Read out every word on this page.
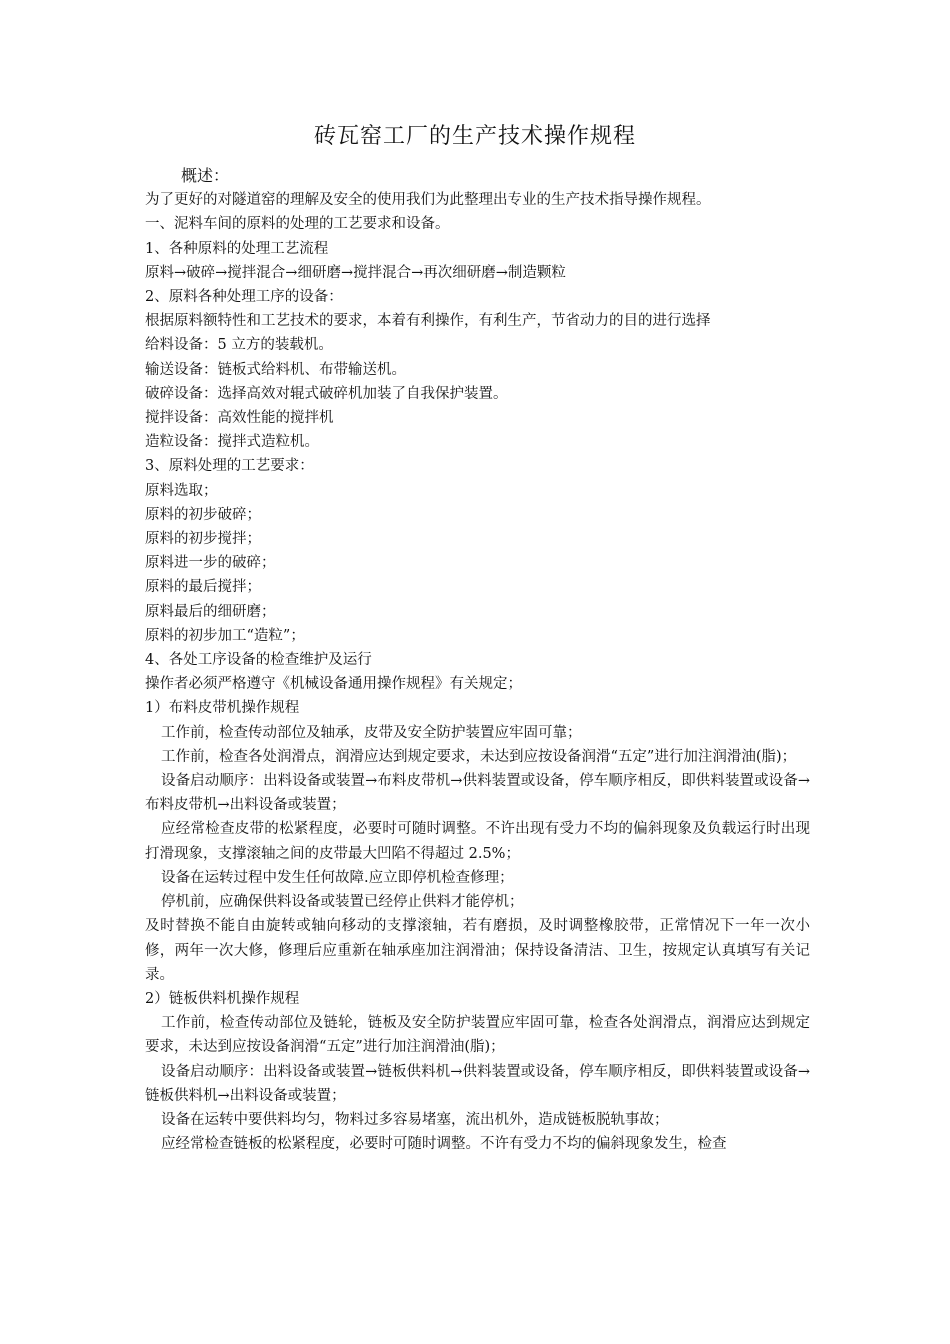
砖瓦窑工厂的生产技术操作规程

概述：

为了更好的对隧道窑的理解及安全的使用我们为此整理出专业的生产技术指导操作规程。

一、泥料车间的原料的处理的工艺要求和设备。

1、各种原料的处理工艺流程

原料→破碎→搅拌混合→细研磨→搅拌混合→再次细研磨→制造颗粒

2、原料各种处理工序的设备：

根据原料额特性和工艺技术的要求，本着有利操作，有利生产，节省动力的目的进行选择

给料设备：5 立方的装载机。

输送设备：链板式给料机、布带输送机。

破碎设备：选择高效对辊式破碎机加装了自我保护装置。

搅拌设备：高效性能的搅拌机

造粒设备：搅拌式造粒机。

3、原料处理的工艺要求：

原料选取；

原料的初步破碎；

原料的初步搅拌；

原料进一步的破碎；

原料的最后搅拌；

原料最后的细研磨；

原料的初步加工“造粒”；

4、各处工序设备的检查维护及运行

操作者必须严格遵守《机械设备通用操作规程》有关规定；

1）布料皮带机操作规程

工作前，检查传动部位及轴承，皮带及安全防护装置应牢固可靠；

工作前，检查各处润滑点，润滑应达到规定要求，未达到应按设备润滑“五定”进行加注润滑油(脂)；

设备启动顺序：出料设备或装置→布料皮带机→供料装置或设备，停车顺序相反，即供料装置或设备→布料皮带机→出料设备或装置；

应经常检查皮带的松紧程度，必要时可随时调整。不许出现有受力不均的偏斜现象及负载运行时出现打滑现象，支撑滚轴之间的皮带最大凹陷不得超过 2.5%；

设备在运转过程中发生任何故障.应立即停机检查修理；

停机前，应确保供料设备或装置已经停止供料才能停机；

及时替换不能自由旋转或轴向移动的支撑滚轴，若有磨损，及时调整橡胶带，正常情况下一年一次小修，两年一次大修，修理后应重新在轴承座加注润滑油；保持设备清洁、卫生，按规定认真填写有关记录。

2）链板供料机操作规程

工作前，检查传动部位及链轮，链板及安全防护装置应牢固可靠，检查各处润滑点，润滑应达到规定要求，未达到应按设备润滑“五定”进行加注润滑油(脂)；

设备启动顺序：出料设备或装置→链板供料机→供料装置或设备，停车顺序相反，即供料装置或设备→链板供料机→出料设备或装置；

设备在运转中要供料均匀，物料过多容易堵塞，流出机外，造成链板脱轨事故；

应经常检查链板的松紧程度，必要时可随时调整。不许有受力不均的偏斜现象发生，检查
